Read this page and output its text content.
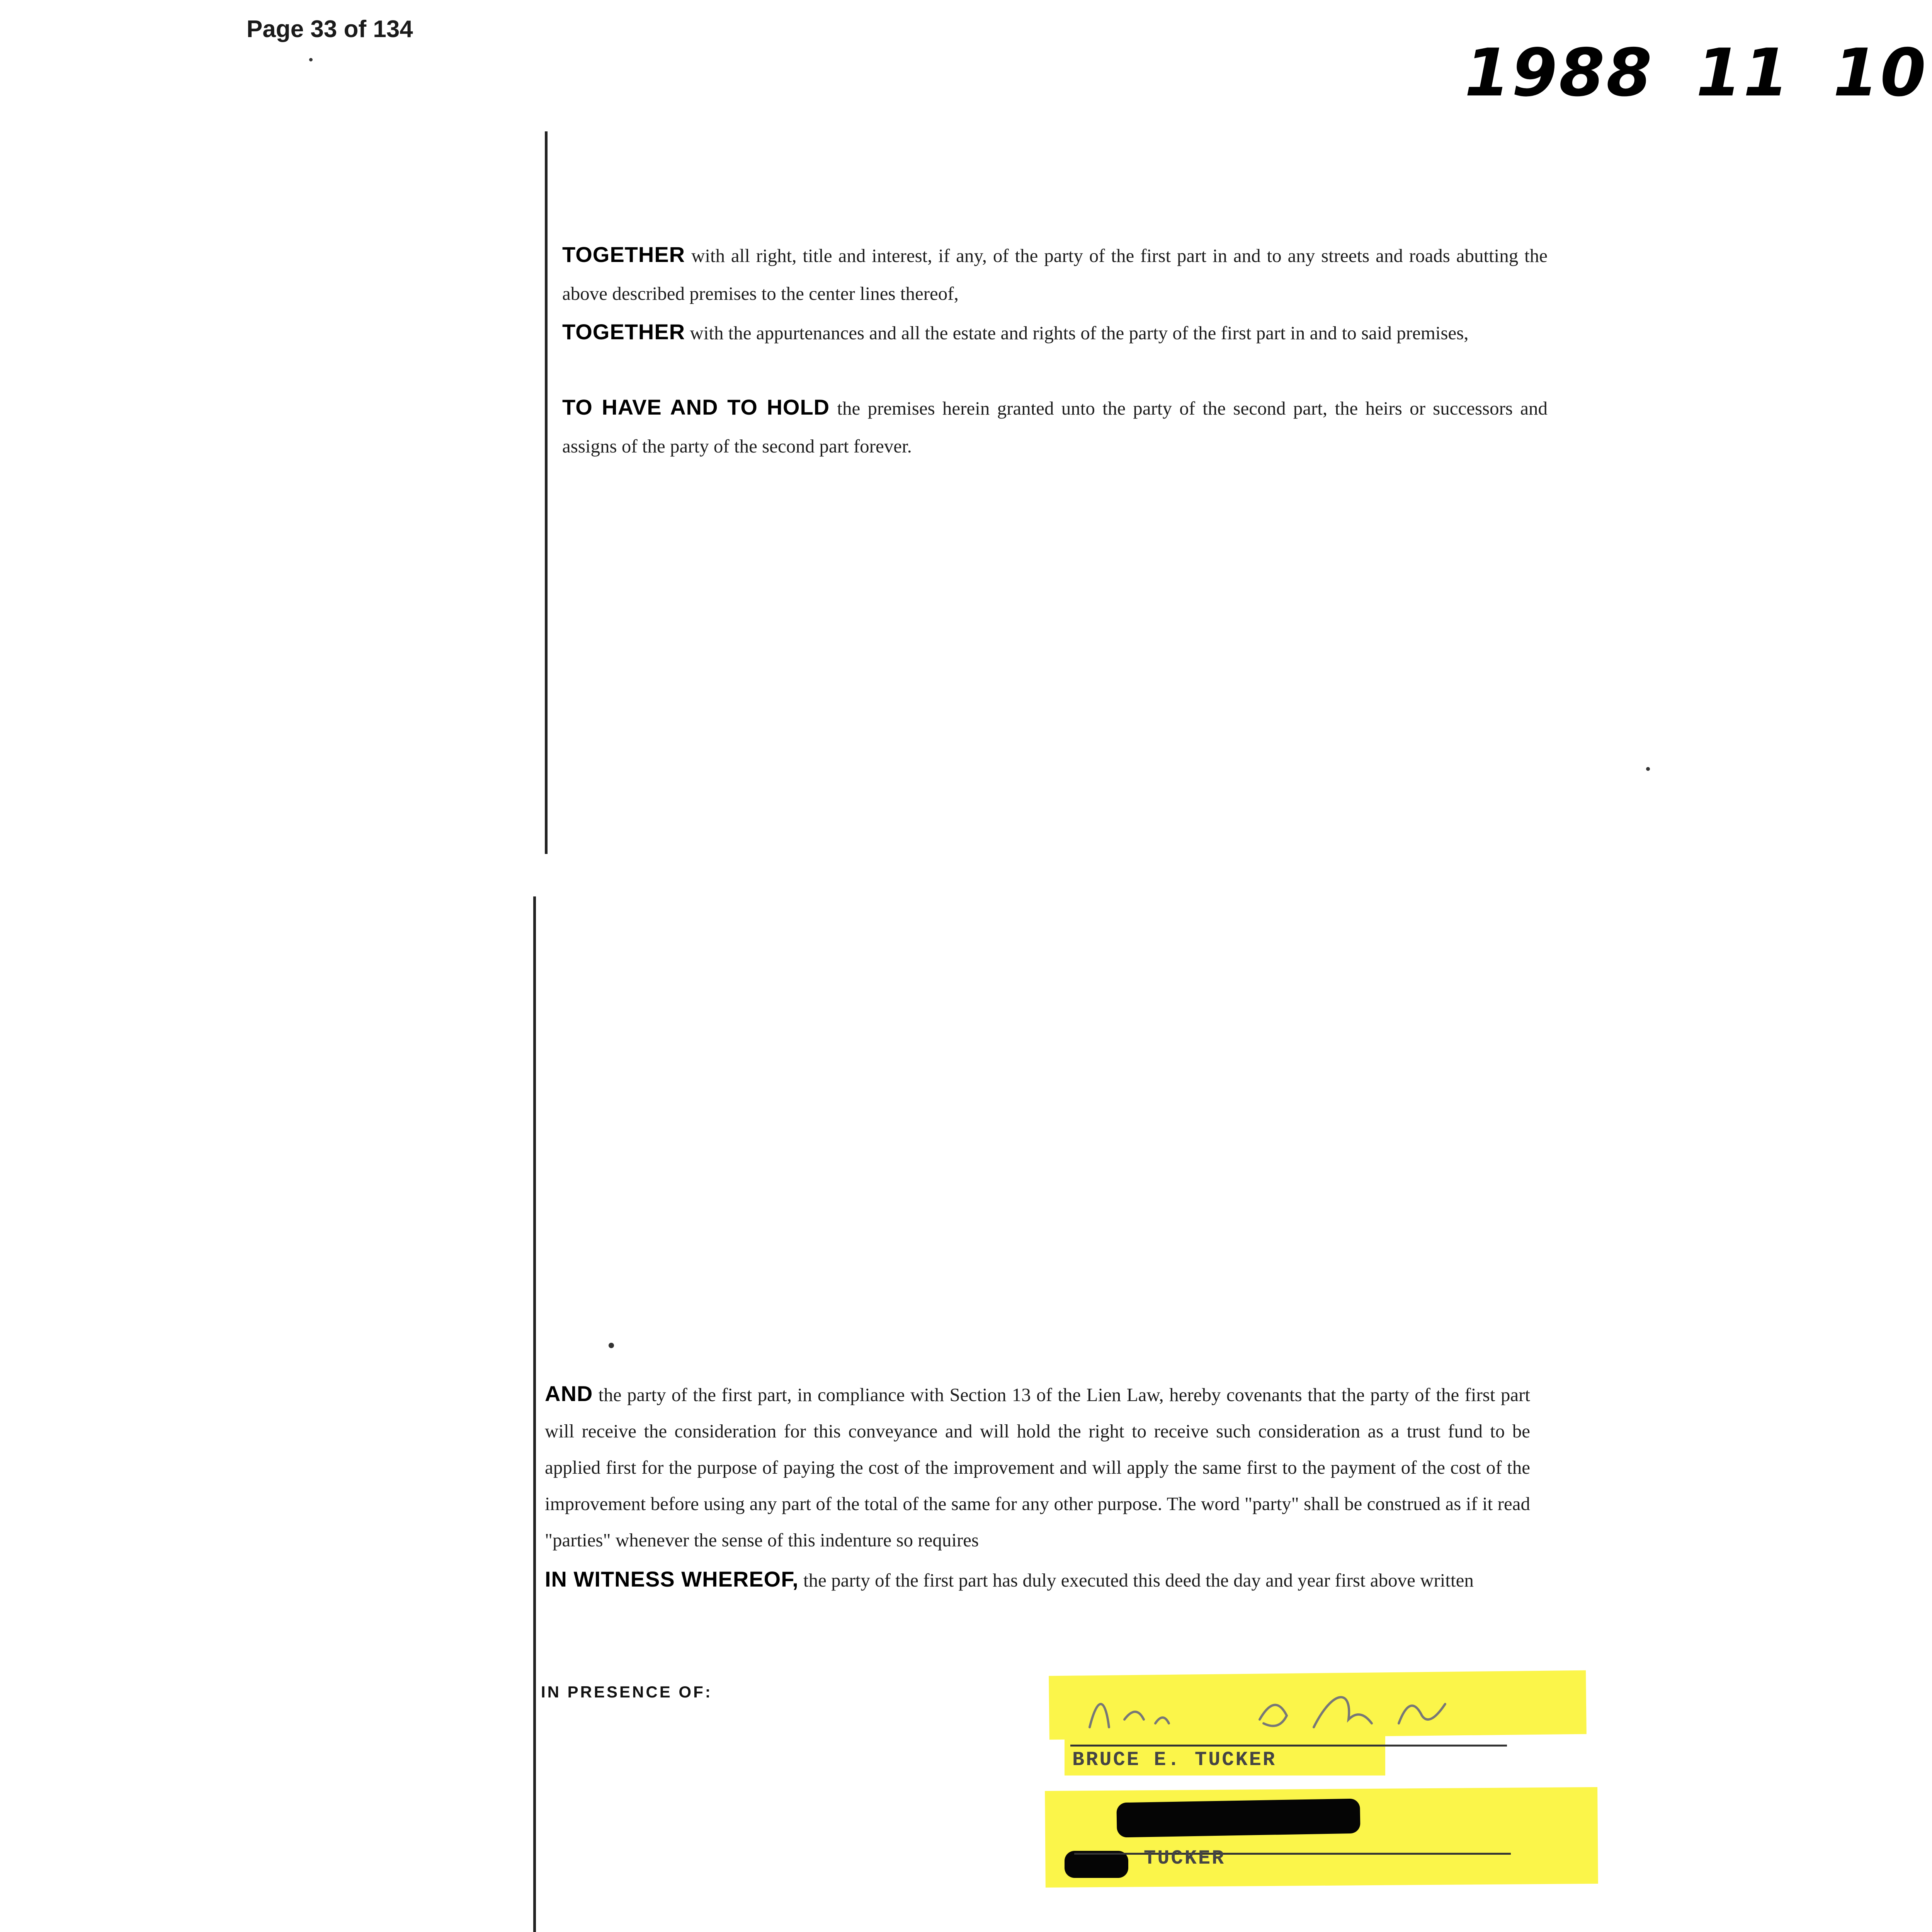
Page 33 of 134
1988 11 10
TOGETHER with all right, title and interest, if any, of the party of the first part in and to any streets and roads abutting the above described premises to the center lines thereof,
TOGETHER with the appurtenances and all the estate and rights of the party of the first part in and to said premises,
TO HAVE AND TO HOLD the premises herein granted unto the party of the second part, the heirs or successors and assigns of the party of the second part forever.
AND the party of the first part, in compliance with Section 13 of the Lien Law, hereby covenants that the party of the first part will receive the consideration for this conveyance and will hold the right to receive such consideration as a trust fund to be applied first for the purpose of paying the cost of the improvement and will apply the same first to the payment of the cost of the improvement before using any part of the total of the same for any other purpose. The word "party" shall be construed as if it read "parties" whenever the sense of this indenture so requires
IN WITNESS WHEREOF, the party of the first part has duly executed this deed the day and year first above written
IN PRESENCE OF:
BRUCE E. TUCKER
TUCKER
